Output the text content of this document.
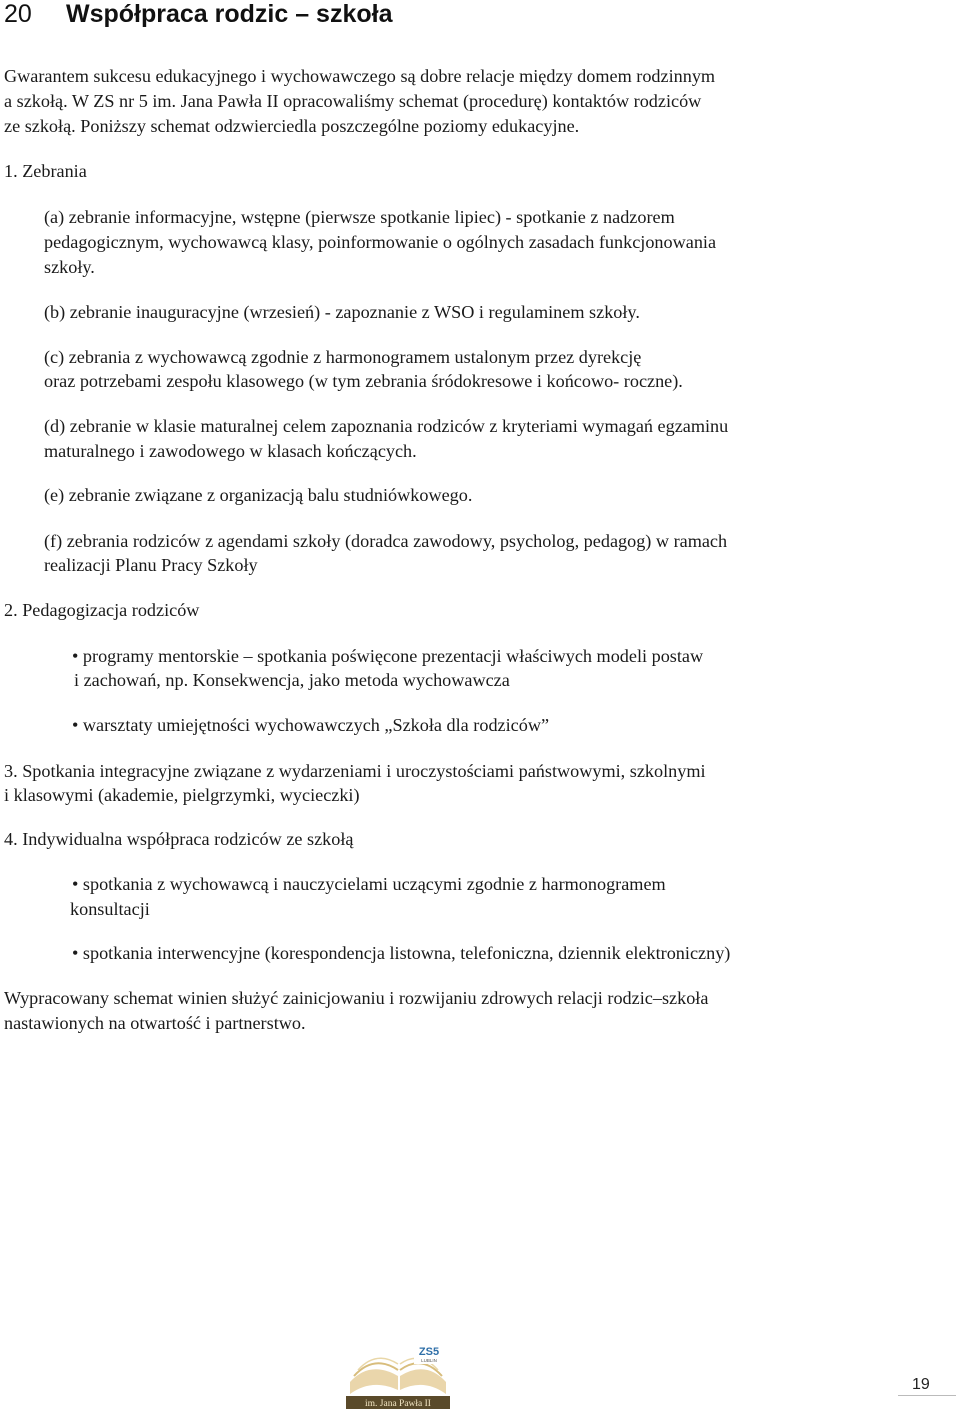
20 Współpraca rodzic – szkoła

Gwarantem sukcesu edukacyjnego i wychowawczego są dobre relacje między domem rodzinnym

a szkołą. W ZS nr 5 im. Jana Pawła II opracowaliśmy schemat (procedurę) kontaktów rodziców

ze szkołą. Poniższy schemat odzwierciedla poszczególne poziomy edukacyjne.

1. Zebrania

(a) zebranie informacyjne, wstępne (pierwsze spotkanie lipiec) - spotkanie z nadzorem

pedagogicznym, wychowawcą klasy, poinformowanie o ogólnych zasadach funkcjonowania

szkoły.

(b) zebranie inauguracyjne (wrzesień) - zapoznanie z WSO i regulaminem szkoły.

(c) zebrania z wychowawcą zgodnie z harmonogramem ustalonym przez dyrekcję

oraz potrzebami zespołu klasowego (w tym zebrania śródokresowe i końcowo- roczne).

(d) zebranie w klasie maturalnej celem zapoznania rodziców z kryteriami wymagań egzaminu

maturalnego i zawodowego w klasach kończących.

(e) zebranie związane z organizacją balu studniówkowego.

(f) zebrania rodziców z agendami szkoły (doradca zawodowy, psycholog, pedagog) w ramach

realizacji Planu Pracy Szkoły

2. Pedagogizacja rodziców

• programy mentorskie – spotkania poświęcone prezentacji właściwych modeli postaw

i zachowań, np. Konsekwencja, jako metoda wychowawcza

• warsztaty umiejętności wychowawczych „Szkoła dla rodziców”

3. Spotkania integracyjne związane z wydarzeniami i uroczystościami państwowymi, szkolnymi

i klasowymi (akademie, pielgrzymki, wycieczki)

4. Indywidualna współpraca rodziców ze szkołą

• spotkania z wychowawcą i nauczycielami uczącymi zgodnie z harmonogramem

konsultacji

• spotkania interwencyjne (korespondencja listowna, telefoniczna, dziennik elektroniczny)

Wypracowany schemat winien służyć zainicjowaniu i rozwijaniu zdrowych relacji rodzic–szkoła

nastawionych na otwartość i partnerstwo.

ZS5
LUBLIN
im. Jana Pawła II
19
